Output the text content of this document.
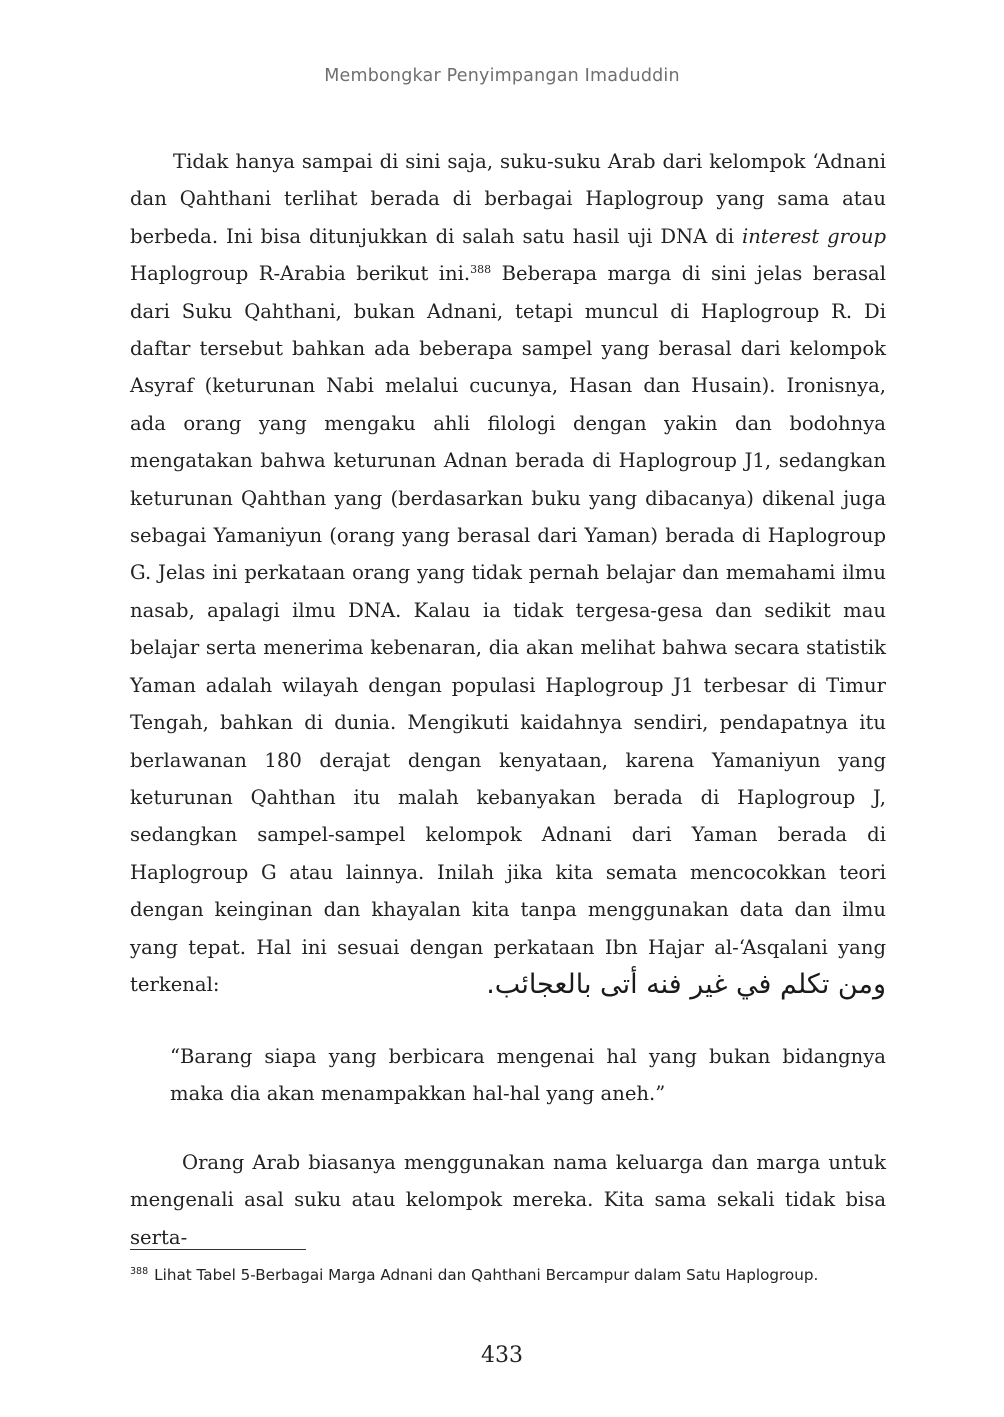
Membongkar Penyimpangan Imaduddin

Tidak hanya sampai di sini saja, suku-suku Arab dari kelompok ‘Adnani dan Qahthani terlihat berada di berbagai Haplogroup yang sama atau berbeda. Ini bisa ditunjukkan di salah satu hasil uji DNA di interest group Haplogroup R-Arabia berikut ini.$^{388}$ Beberapa marga di sini jelas berasal dari Suku Qahthani, bukan Adnani, tetapi muncul di Haplogroup R. Di daftar tersebut bahkan ada beberapa sampel yang berasal dari kelompok Asyraf (keturunan Nabi melalui cucunya, Hasan dan Husain). Ironisnya, ada orang yang mengaku ahli filologi dengan yakin dan bodohnya mengatakan bahwa keturunan Adnan berada di Haplogroup J1, sedangkan keturunan Qahthan yang (berdasarkan buku yang dibacanya) dikenal juga sebagai Yamaniyun (orang yang berasal dari Yaman) berada di Haplogroup G. Jelas ini perkataan orang yang tidak pernah belajar dan memahami ilmu nasab, apalagi ilmu DNA. Kalau ia tidak tergesa-gesa dan sedikit mau belajar serta menerima kebenaran, dia akan melihat bahwa secara statistik Yaman adalah wilayah dengan populasi Haplogroup J1 terbesar di Timur Tengah, bahkan di dunia. Mengikuti kaidahnya sendiri, pendapatnya itu berlawanan 180 derajat dengan kenyataan, karena Yamaniyun yang keturunan Qahthan itu malah kebanyakan berada di Haplogroup J, sedangkan sampel-sampel kelompok Adnani dari Yaman berada di Haplogroup G atau lainnya. Inilah jika kita semata mencocokkan teori dengan keinginan dan khayalan kita tanpa menggunakan data dan ilmu yang tepat. Hal ini sesuai dengan perkataan Ibn Hajar al-‘Asqalani yang terkenal:	ومن تكلم في غير فنه أتى بالعجائب.

“Barang siapa yang berbicara mengenai hal yang bukan bidangnya maka dia akan menampakkan hal-hal yang aneh.”

Orang Arab biasanya menggunakan nama keluarga dan marga untuk mengenali asal suku atau kelompok mereka. Kita sama sekali tidak bisa serta-

$^{388}$ Lihat Tabel 5-Berbagai Marga Adnani dan Qahthani Bercampur dalam Satu Haplogroup.
433
